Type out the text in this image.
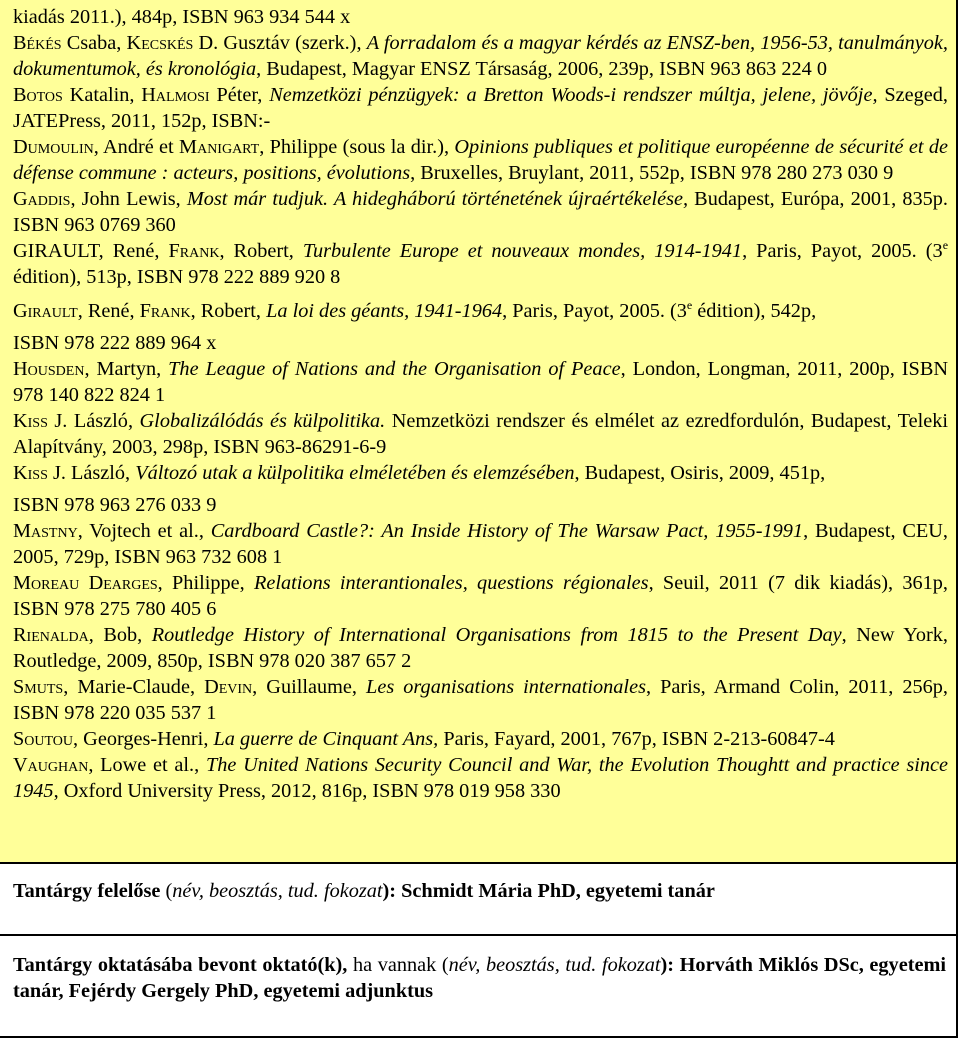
kiadás 2011.), 484p, ISBN 963 934 544 x

Békés Csaba, Kecskés D. Gusztáv (szerk.), A forradalom és a magyar kérdés az ENSZ-ben, 1956-53, tanulmányok, dokumentumok, és kronológia, Budapest, Magyar ENSZ Társaság, 2006, 239p, ISBN 963 863 224 0

Botos Katalin, Halmosi Péter, Nemzetközi pénzügyek: a Bretton Woods-i rendszer múltja, jelene, jövője, Szeged, JATEPress, 2011, 152p, ISBN:-

Dumoulin, André et Manigart, Philippe (sous la dir.), Opinions publiques et politique européenne de sécurité et de défense commune : acteurs, positions, évolutions, Bruxelles, Bruylant, 2011, 552p, ISBN 978 280 273 030 9

Gaddis, John Lewis, Most már tudjuk. A hidegháború történetének újraértékelése, Budapest, Európa, 2001, 835p. ISBN 963 0769 360

GIRAULT, René, Frank, Robert, Turbulente Europe et nouveaux mondes, 1914-1941, Paris, Payot, 2005. (3e édition), 513p, ISBN 978 222 889 920 8

Girault, René, Frank, Robert, La loi des géants, 1941-1964, Paris, Payot, 2005. (3e édition), 542p,

ISBN 978 222 889 964 x

Housden, Martyn, The League of Nations and the Organisation of Peace, London, Longman, 2011, 200p, ISBN 978 140 822 824 1

Kiss J. László, Globalizálódás és külpolitika. Nemzetközi rendszer és elmélet az ezredfordulón, Budapest, Teleki Alapítvány, 2003, 298p, ISBN 963-86291-6-9

Kiss J. László, Változó utak a külpolitika elméletében és elemzésében, Budapest, Osiris, 2009, 451p,

ISBN 978 963 276 033 9

Mastny, Vojtech et al., Cardboard Castle?: An Inside History of The Warsaw Pact, 1955-1991, Budapest, CEU, 2005, 729p, ISBN 963 732 608 1

Moreau Dearges, Philippe, Relations interantionales, questions régionales, Seuil, 2011 (7 dik kiadás), 361p, ISBN 978 275 780 405 6

Rienalda, Bob, Routledge History of International Organisations from 1815 to the Present Day, New York, Routledge, 2009, 850p, ISBN 978 020 387 657 2

Smuts, Marie-Claude, Devin, Guillaume, Les organisations internationales, Paris, Armand Colin, 2011, 256p, ISBN 978 220 035 537 1

Soutou, Georges-Henri, La guerre de Cinquant Ans, Paris, Fayard, 2001, 767p, ISBN 2-213-60847-4

Vaughan, Lowe et al., The United Nations Security Council and War, the Evolution Thoughtt and practice since 1945, Oxford University Press, 2012, 816p, ISBN 978 019 958 330

Tantárgy felelőse (név, beosztás, tud. fokozat): Schmidt Mária PhD, egyetemi tanár

Tantárgy oktatásába bevont oktató(k), ha vannak (név, beosztás, tud. fokozat): Horváth Miklós DSc, egyetemi tanár, Fejérdy Gergely PhD, egyetemi adjunktus
